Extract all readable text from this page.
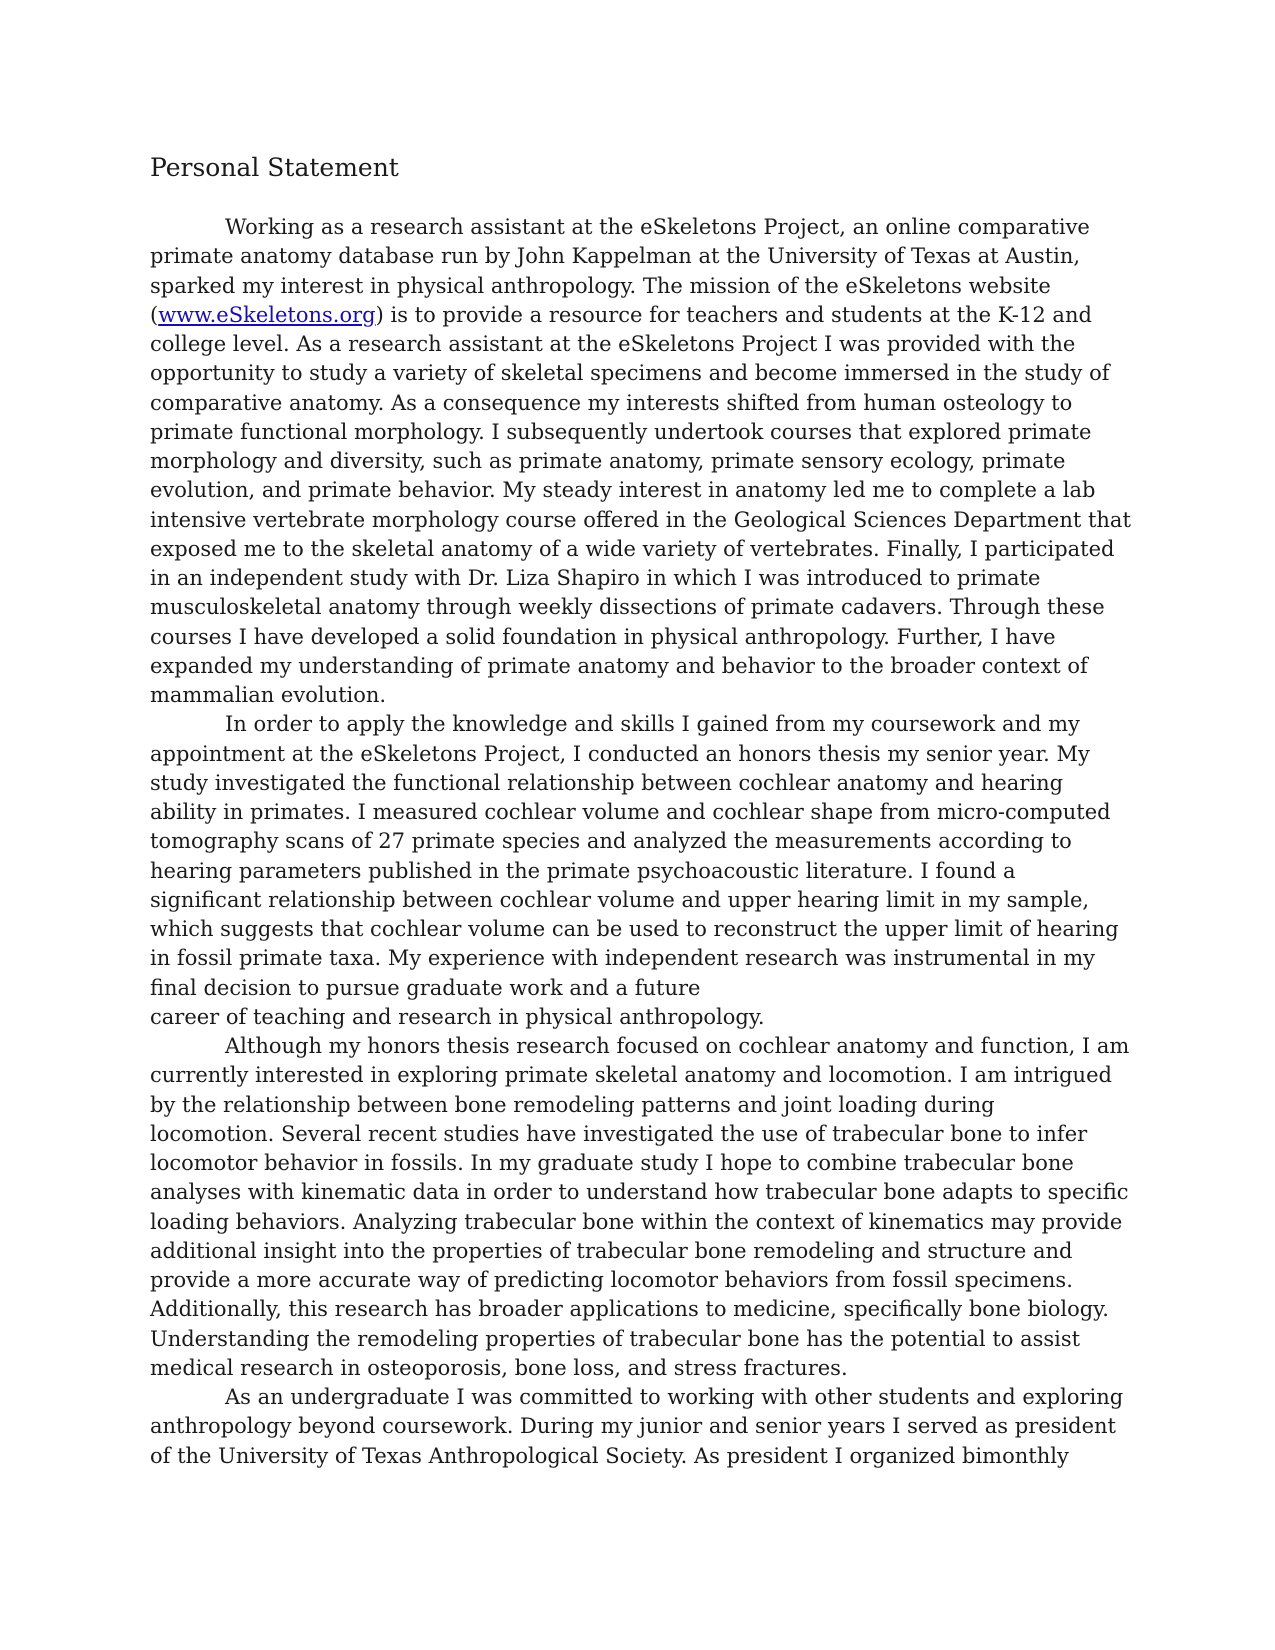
Personal Statement
Working as a research assistant at the eSkeletons Project, an online comparative
primate anatomy database run by John Kappelman at the University of Texas at Austin,
sparked my interest in physical anthropology. The mission of the eSkeletons website
(www.eSkeletons.org) is to provide a resource for teachers and students at the K-12 and
college level. As a research assistant at the eSkeletons Project I was provided with the
opportunity to study a variety of skeletal specimens and become immersed in the study of
comparative anatomy. As a consequence my interests shifted from human osteology to
primate functional morphology. I subsequently undertook courses that explored primate
morphology and diversity, such as primate anatomy, primate sensory ecology, primate
evolution, and primate behavior. My steady interest in anatomy led me to complete a lab
intensive vertebrate morphology course offered in the Geological Sciences Department that
exposed me to the skeletal anatomy of a wide variety of vertebrates. Finally, I participated
in an independent study with Dr. Liza Shapiro in which I was introduced to primate
musculoskeletal anatomy through weekly dissections of primate cadavers. Through these
courses I have developed a solid foundation in physical anthropology. Further, I have
expanded my understanding of primate anatomy and behavior to the broader context of
mammalian evolution.
In order to apply the knowledge and skills I gained from my coursework and my
appointment at the eSkeletons Project, I conducted an honors thesis my senior year. My
study investigated the functional relationship between cochlear anatomy and hearing
ability in primates. I measured cochlear volume and cochlear shape from micro-computed
tomography scans of 27 primate species and analyzed the measurements according to
hearing parameters published in the primate psychoacoustic literature. I found a
significant relationship between cochlear volume and upper hearing limit in my sample,
which suggests that cochlear volume can be used to reconstruct the upper limit of hearing
in fossil primate taxa. My experience with independent research was instrumental in my
final decision to pursue graduate work and a future
career of teaching and research in physical anthropology.
Although my honors thesis research focused on cochlear anatomy and function, I am
currently interested in exploring primate skeletal anatomy and locomotion. I am intrigued
by the relationship between bone remodeling patterns and joint loading during
locomotion. Several recent studies have investigated the use of trabecular bone to infer
locomotor behavior in fossils. In my graduate study I hope to combine trabecular bone
analyses with kinematic data in order to understand how trabecular bone adapts to specific
loading behaviors. Analyzing trabecular bone within the context of kinematics may provide
additional insight into the properties of trabecular bone remodeling and structure and
provide a more accurate way of predicting locomotor behaviors from fossil specimens.
Additionally, this research has broader applications to medicine, specifically bone biology.
Understanding the remodeling properties of trabecular bone has the potential to assist
medical research in osteoporosis, bone loss, and stress fractures.
As an undergraduate I was committed to working with other students and exploring
anthropology beyond coursework. During my junior and senior years I served as president
of the University of Texas Anthropological Society. As president I organized bimonthly
